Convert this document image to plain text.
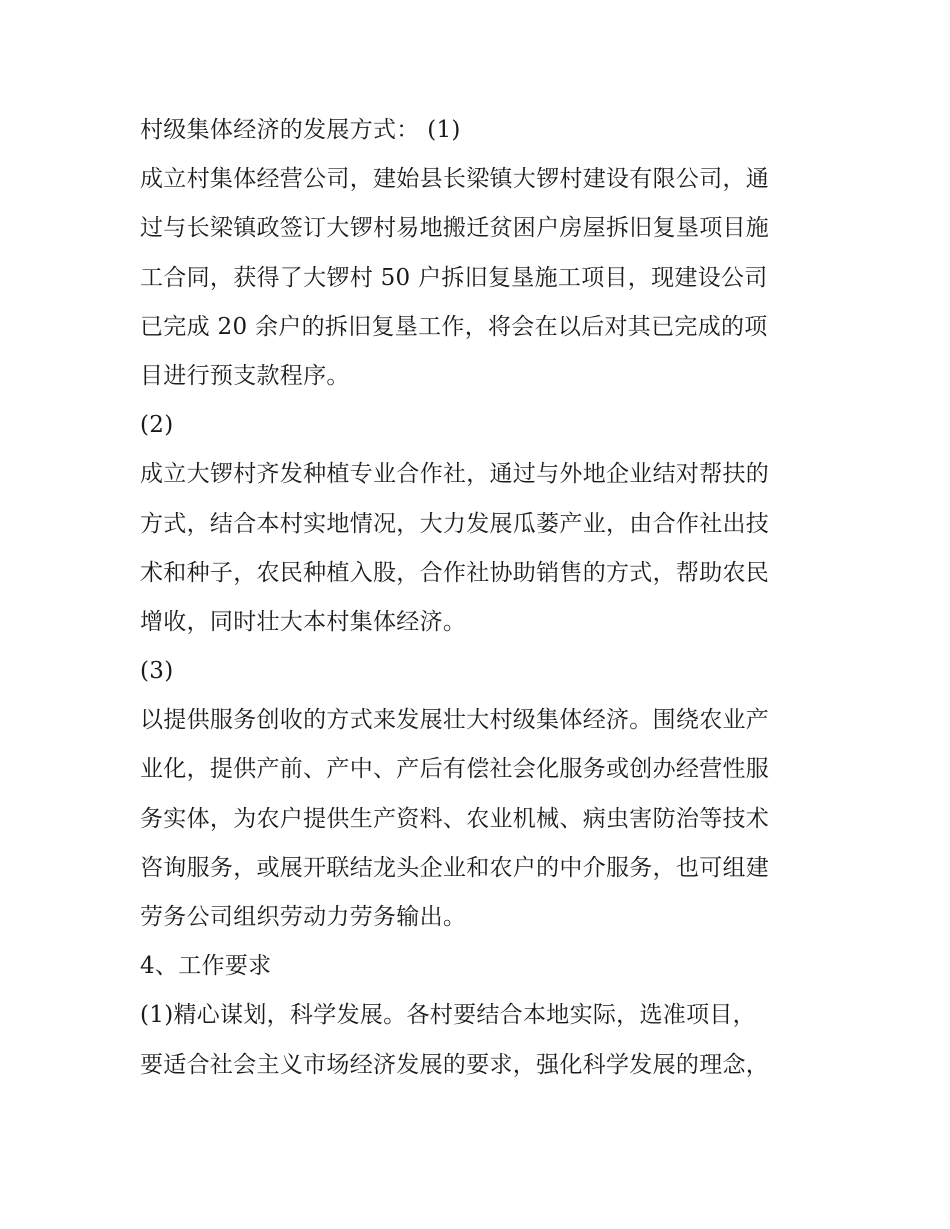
村级集体经济的发展方式： (1)
成立村集体经营公司，建始县长梁镇大锣村建设有限公司，通
过与长梁镇政签订大锣村易地搬迁贫困户房屋拆旧复垦项目施
工合同，获得了大锣村 50 户拆旧复垦施工项目，现建设公司
已完成 20 余户的拆旧复垦工作，将会在以后对其已完成的项
目进行预支款程序。
(2)
成立大锣村齐发种植专业合作社，通过与外地企业结对帮扶的
方式，结合本村实地情况，大力发展瓜蒌产业，由合作社出技
术和种子，农民种植入股，合作社协助销售的方式，帮助农民
增收，同时壮大本村集体经济。
(3)
以提供服务创收的方式来发展壮大村级集体经济。围绕农业产
业化，提供产前、产中、产后有偿社会化服务或创办经营性服
务实体，为农户提供生产资料、农业机械、病虫害防治等技术
咨询服务，或展开联结龙头企业和农户的中介服务，也可组建
劳务公司组织劳动力劳务输出。
4、工作要求
(1)精心谋划，科学发展。各村要结合本地实际，选准项目，
要适合社会主义市场经济发展的要求，强化科学发展的理念，
